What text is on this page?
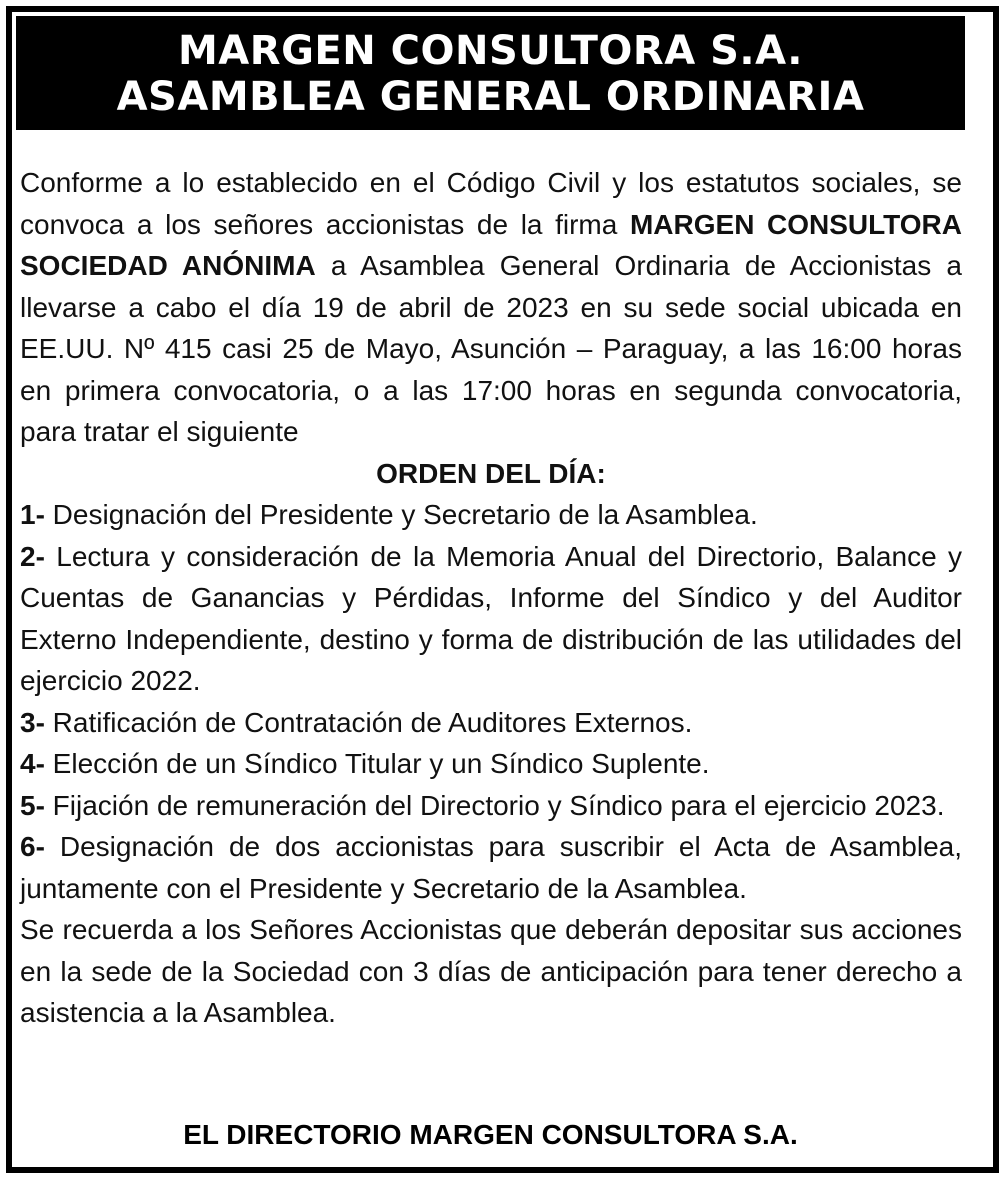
MARGEN CONSULTORA S.A.
ASAMBLEA GENERAL ORDINARIA

Conforme a lo establecido en el Código Civil y los estatutos sociales, se convoca a los señores accionistas de la firma MARGEN CONSULTORA SOCIEDAD ANÓNIMA a Asamblea General Ordinaria de Accionistas a llevarse a cabo el día 19 de abril de 2023 en su sede social ubicada en EE.UU. Nº 415 casi 25 de Mayo, Asunción – Paraguay, a las 16:00 horas en primera convocatoria, o a las 17:00 horas en segunda convocatoria, para tratar el siguiente

ORDEN DEL DÍA:

1- Designación del Presidente y Secretario de la Asamblea.

2- Lectura y consideración de la Memoria Anual del Directorio, Balance y Cuentas de Ganancias y Pérdidas, Informe del Síndico y del Auditor Externo Independiente, destino y forma de distribución de las utilidades del ejercicio 2022.

3- Ratificación de Contratación de Auditores Externos.

4- Elección de un Síndico Titular y un Síndico Suplente.

5- Fijación de remuneración del Directorio y Síndico para el ejercicio 2023.

6- Designación de dos accionistas para suscribir el Acta de Asamblea, juntamente con el Presidente y Secretario de la Asamblea.

Se recuerda a los Señores Accionistas que deberán depositar sus acciones en la sede de la Sociedad con 3 días de anticipación para tener derecho a asistencia a la Asamblea.

EL DIRECTORIO MARGEN CONSULTORA S.A.
